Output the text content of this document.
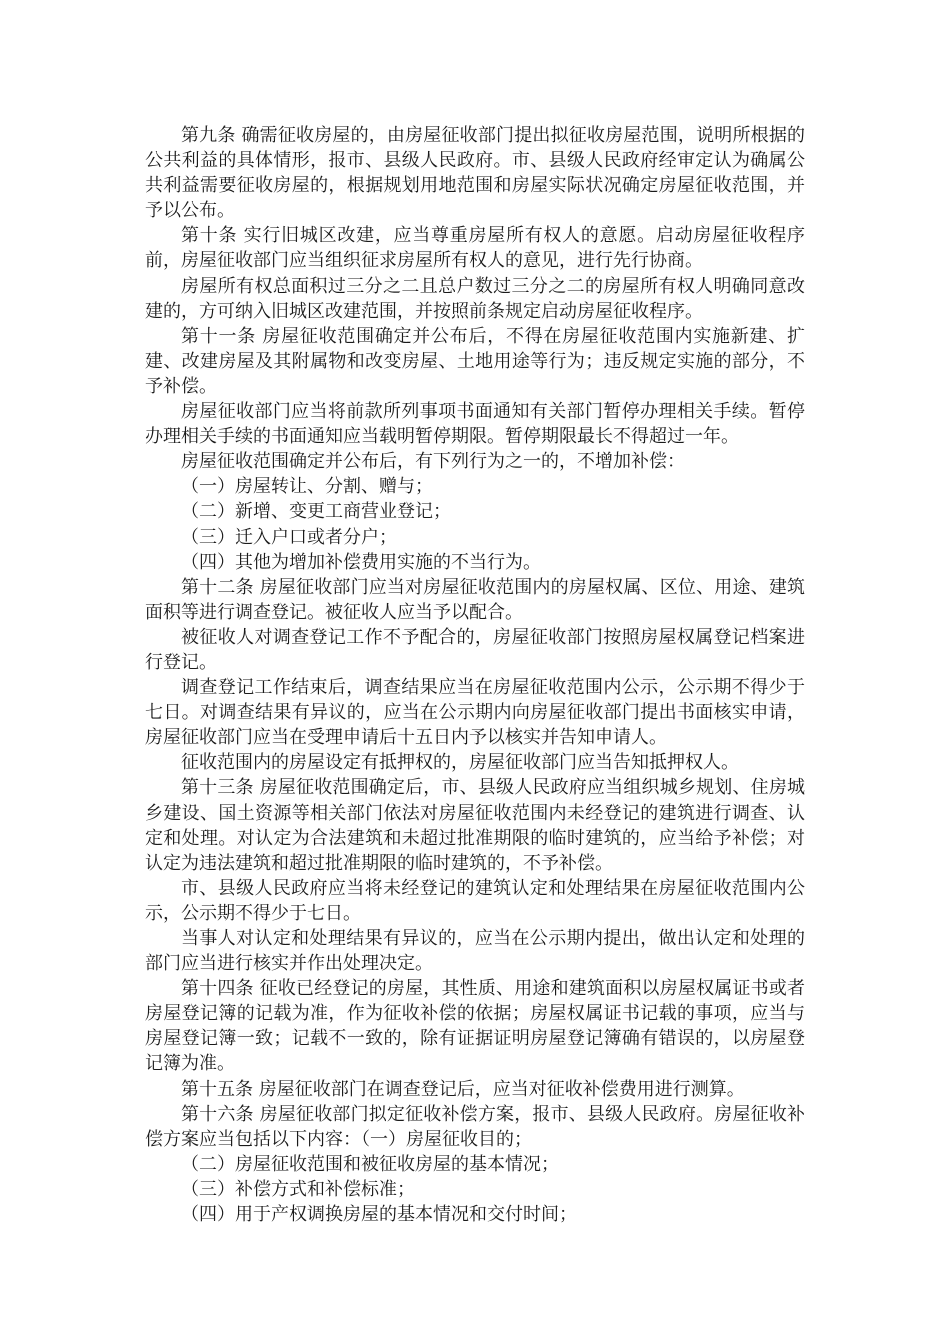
第九条 确需征收房屋的，由房屋征收部门提出拟征收房屋范围，说明所根据的公共利益的具体情形，报市、县级人民政府。市、县级人民政府经审定认为确属公共利益需要征收房屋的，根据规划用地范围和房屋实际状况确定房屋征收范围，并予以公布。

第十条 实行旧城区改建，应当尊重房屋所有权人的意愿。启动房屋征收程序前，房屋征收部门应当组织征求房屋所有权人的意见，进行先行协商。

房屋所有权总面积过三分之二且总户数过三分之二的房屋所有权人明确同意改建的，方可纳入旧城区改建范围，并按照前条规定启动房屋征收程序。

第十一条 房屋征收范围确定并公布后，不得在房屋征收范围内实施新建、扩建、改建房屋及其附属物和改变房屋、土地用途等行为；违反规定实施的部分，不予补偿。

房屋征收部门应当将前款所列事项书面通知有关部门暂停办理相关手续。暂停办理相关手续的书面通知应当载明暂停期限。暂停期限最长不得超过一年。

房屋征收范围确定并公布后，有下列行为之一的，不增加补偿：

（一）房屋转让、分割、赠与；

（二）新增、变更工商营业登记；

（三）迁入户口或者分户；

（四）其他为增加补偿费用实施的不当行为。

第十二条 房屋征收部门应当对房屋征收范围内的房屋权属、区位、用途、建筑面积等进行调查登记。被征收人应当予以配合。

被征收人对调查登记工作不予配合的，房屋征收部门按照房屋权属登记档案进行登记。

调查登记工作结束后，调查结果应当在房屋征收范围内公示，公示期不得少于七日。对调查结果有异议的，应当在公示期内向房屋征收部门提出书面核实申请，房屋征收部门应当在受理申请后十五日内予以核实并告知申请人。

征收范围内的房屋设定有抵押权的，房屋征收部门应当告知抵押权人。

第十三条 房屋征收范围确定后，市、县级人民政府应当组织城乡规划、住房城乡建设、国土资源等相关部门依法对房屋征收范围内未经登记的建筑进行调查、认定和处理。对认定为合法建筑和未超过批准期限的临时建筑的，应当给予补偿；对认定为违法建筑和超过批准期限的临时建筑的，不予补偿。

市、县级人民政府应当将未经登记的建筑认定和处理结果在房屋征收范围内公示，公示期不得少于七日。

当事人对认定和处理结果有异议的，应当在公示期内提出，做出认定和处理的部门应当进行核实并作出处理决定。

第十四条 征收已经登记的房屋，其性质、用途和建筑面积以房屋权属证书或者房屋登记簿的记载为准，作为征收补偿的依据；房屋权属证书记载的事项，应当与房屋登记簿一致；记载不一致的，除有证据证明房屋登记簿确有错误的，以房屋登记簿为准。

第十五条 房屋征收部门在调查登记后，应当对征收补偿费用进行测算。

第十六条 房屋征收部门拟定征收补偿方案，报市、县级人民政府。房屋征收补偿方案应当包括以下内容：（一）房屋征收目的；

（二）房屋征收范围和被征收房屋的基本情况；

（三）补偿方式和补偿标准；

（四）用于产权调换房屋的基本情况和交付时间；
